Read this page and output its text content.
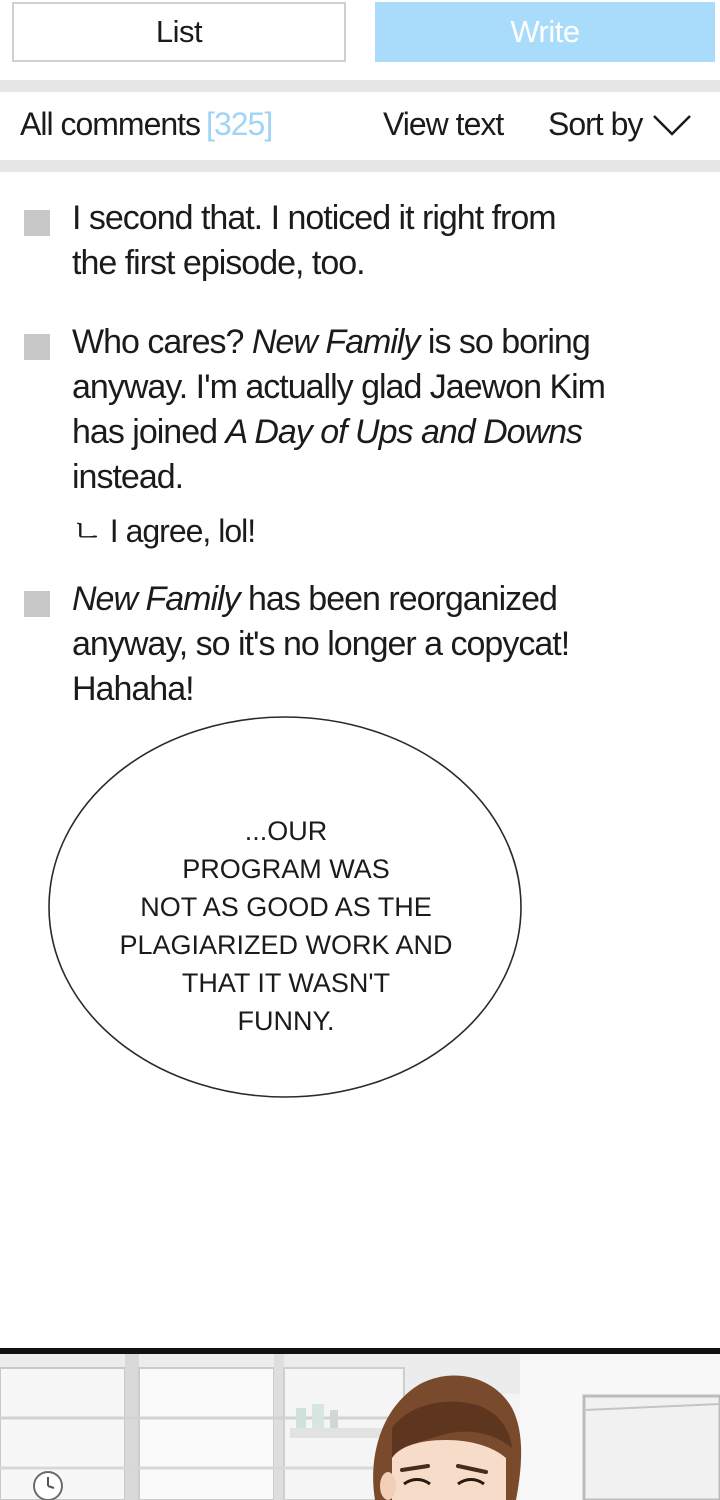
List	Write
All comments [325]	View text Sort by
I second that. I noticed it right from
the first episode, too.
Who cares? New Family is so boring
anyway. I'm actually glad Jaewon Kim
has joined A Day of Ups and Downs
instead.
ㄴ I agree, lol!
New Family has been reorganized
anyway, so it's no longer a copycat!
Hahaha!
...OUR
PROGRAM WAS
NOT AS GOOD AS THE
PLAGIARIZED WORK AND
THAT IT WASN'T
FUNNY.
